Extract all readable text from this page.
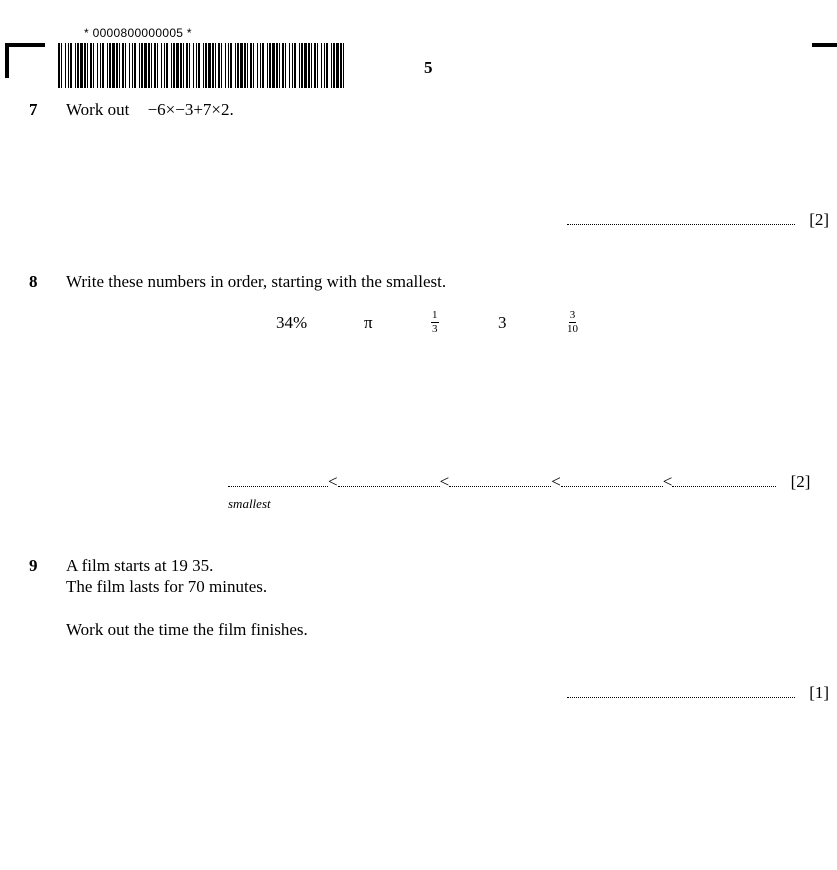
* 0000800000005 *
5
7 Work out −6×−3+7×2.
[2]
8 Write these numbers in order, starting with the smallest.
34%	π	$\frac{1}{3}$	3	$\frac{3}{10}$
<	<	<	<	[2]
smallest
9 A film starts at 19 35.
The film lasts for 70 minutes.
Work out the time the film finishes.
[1]
